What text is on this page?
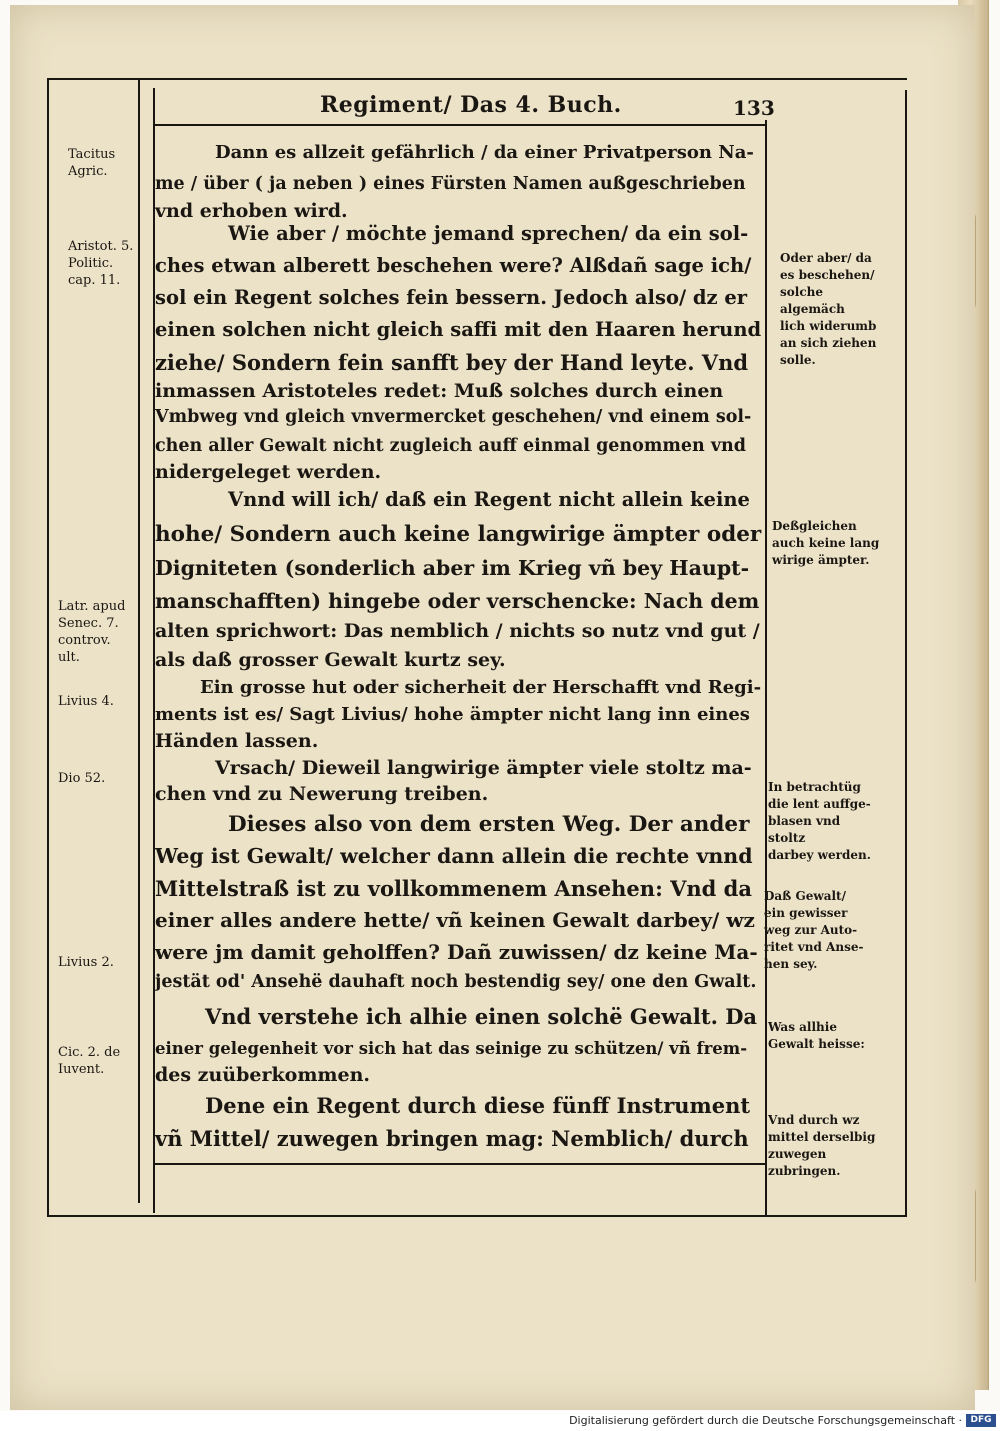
Regiment/ Das 4. Buch.	133
Tacitus
Agric.
Aristot. 5.
Politic.
cap. 11.
Latr. apud
Senec. 7.
controv.
ult.
Livius 4.
Dio 52.
Livius 2.
Cic. 2. de
Iuvent.
Oder aber/ da
es beschehen/
solche algemäch
lich widerumb
an sich ziehen
solle.
Deßgleichen
auch keine lang
wirige ämpter.
In betrachtüg
die lent auffge-
blasen vnd stoltz
darbey werden.
Daß Gewalt/
ein gewisser
weg zur Auto-
ritet vnd Anse-
hen sey.
Was allhie
Gewalt heisse:
Vnd durch wz
mittel derselbig
zuwegen
zubringen.
Dann es allzeit gefährlich / da einer Privatperson Na-
me / über ( ja neben ) eines Fürsten Namen außgeschrieben
vnd erhoben wird.
Wie aber / möchte jemand sprechen/ da ein sol-
ches etwan alberett beschehen were? Alßdañ sage ich/
sol ein Regent solches fein bessern. Jedoch also/ dz er
einen solchen nicht gleich saffi mit den Haaren herund
ziehe/ Sondern fein sanfft bey der Hand leyte. Vnd
inmassen Aristoteles redet: Muß solches durch einen
Vmbweg vnd gleich vnvermercket geschehen/ vnd einem sol-
chen aller Gewalt nicht zugleich auff einmal genommen vnd
nidergeleget werden.
Vnnd will ich/ daß ein Regent nicht allein keine
hohe/ Sondern auch keine langwirige ämpter oder
Digniteten (sonderlich aber im Krieg vñ bey Haupt-
manschafften) hingebe oder verschencke: Nach dem
alten sprichwort: Das nemblich / nichts so nutz vnd gut /
als daß grosser Gewalt kurtz sey.
Ein grosse hut oder sicherheit der Herschafft vnd Regi-
ments ist es/ Sagt Livius/ hohe ämpter nicht lang inn eines
Händen lassen.
Vrsach/ Dieweil langwirige ämpter viele stoltz ma-
chen vnd zu Newerung treiben.
Dieses also von dem ersten Weg. Der ander
Weg ist Gewalt/ welcher dann allein die rechte vnnd
Mittelstraß ist zu vollkommenem Ansehen: Vnd da
einer alles andere hette/ vñ keinen Gewalt darbey/ wz
were jm damit geholffen? Dañ zuwissen/ dz keine Ma-
jestät od' Ansehë dauhaft noch bestendig sey/ one den Gwalt.
Vnd verstehe ich alhie einen solchë Gewalt. Da
einer gelegenheit vor sich hat das seinige zu schützen/ vñ frem-
des zuüberkommen.
Dene ein Regent durch diese fünff Instrument
vñ Mittel/ zuwegen bringen mag: Nemblich/ durch
Digitalisierung gefördert durch die Deutsche Forschungsgemeinschaft · DFG
